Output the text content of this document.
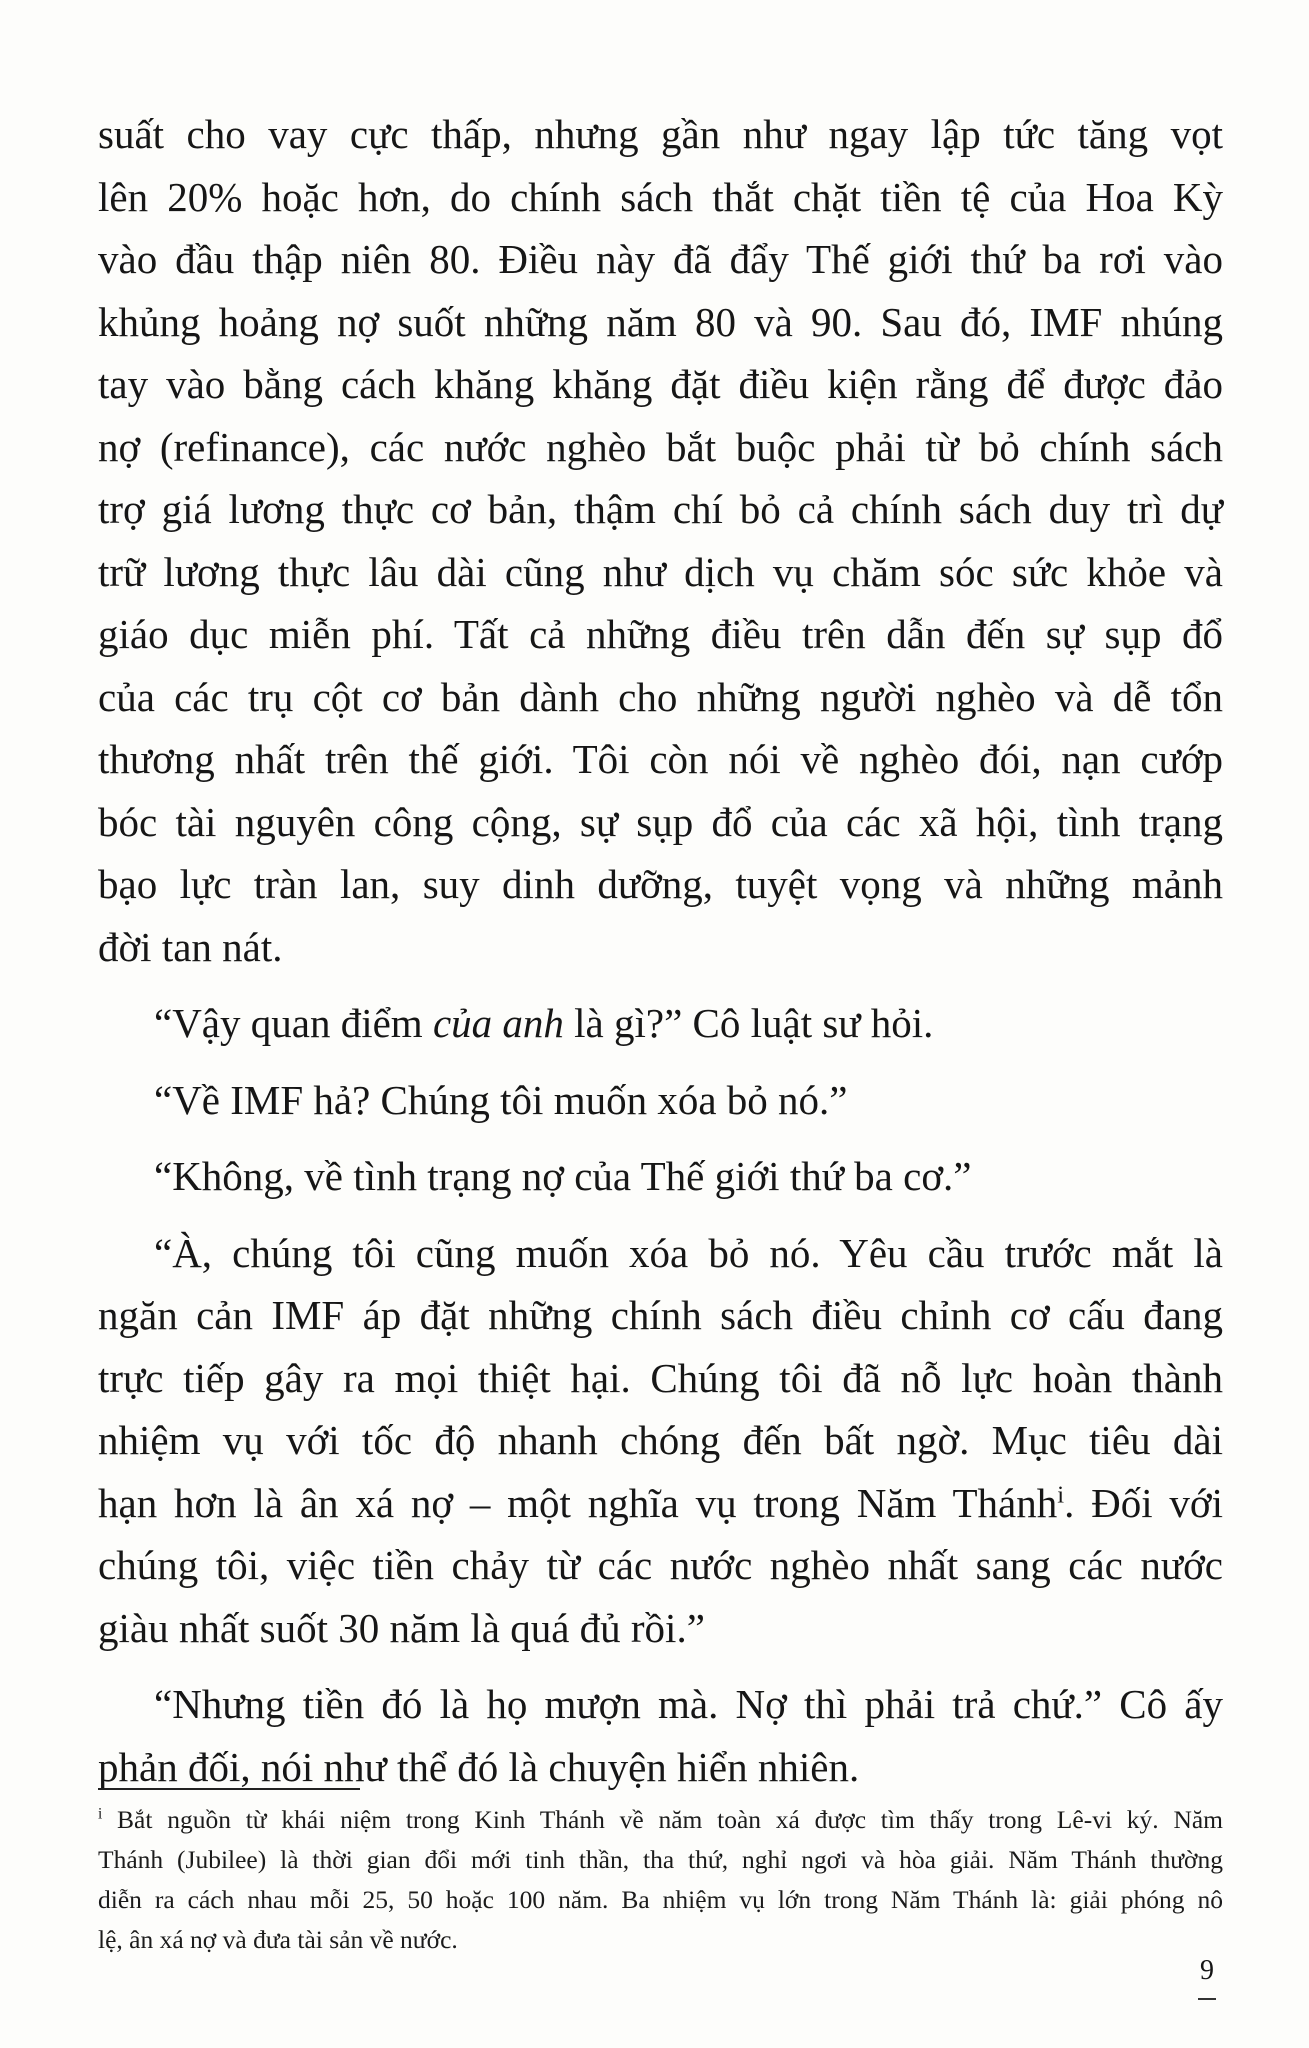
suất cho vay cực thấp, nhưng gần như ngay lập tức tăng vọt
lên 20% hoặc hơn, do chính sách thắt chặt tiền tệ của Hoa Kỳ
vào đầu thập niên 80. Điều này đã đẩy Thế giới thứ ba rơi vào
khủng hoảng nợ suốt những năm 80 và 90. Sau đó, IMF nhúng
tay vào bằng cách khăng khăng đặt điều kiện rằng để được đảo
nợ (refinance), các nước nghèo bắt buộc phải từ bỏ chính sách
trợ giá lương thực cơ bản, thậm chí bỏ cả chính sách duy trì dự
trữ lương thực lâu dài cũng như dịch vụ chăm sóc sức khỏe và
giáo dục miễn phí. Tất cả những điều trên dẫn đến sự sụp đổ
của các trụ cột cơ bản dành cho những người nghèo và dễ tổn
thương nhất trên thế giới. Tôi còn nói về nghèo đói, nạn cướp
bóc tài nguyên công cộng, sự sụp đổ của các xã hội, tình trạng
bạo lực tràn lan, suy dinh dưỡng, tuyệt vọng và những mảnh
đời tan nát.
“Vậy quan điểm của anh là gì?” Cô luật sư hỏi.
“Về IMF hả? Chúng tôi muốn xóa bỏ nó.”
“Không, về tình trạng nợ của Thế giới thứ ba cơ.”
“À, chúng tôi cũng muốn xóa bỏ nó. Yêu cầu trước mắt là
ngăn cản IMF áp đặt những chính sách điều chỉnh cơ cấu đang
trực tiếp gây ra mọi thiệt hại. Chúng tôi đã nỗ lực hoàn thành
nhiệm vụ với tốc độ nhanh chóng đến bất ngờ. Mục tiêu dài
hạn hơn là ân xá nợ – một nghĩa vụ trong Năm Thánh$^i$. Đối với
chúng tôi, việc tiền chảy từ các nước nghèo nhất sang các nước
giàu nhất suốt 30 năm là quá đủ rồi.”
“Nhưng tiền đó là họ mượn mà. Nợ thì phải trả chứ.” Cô ấy
phản đối, nói như thể đó là chuyện hiển nhiên.
$^i$ Bắt nguồn từ khái niệm trong Kinh Thánh về năm toàn xá được tìm thấy trong Lê-vi ký. Năm
Thánh (Jubilee) là thời gian đổi mới tinh thần, tha thứ, nghỉ ngơi và hòa giải. Năm Thánh thường
diễn ra cách nhau mỗi 25, 50 hoặc 100 năm. Ba nhiệm vụ lớn trong Năm Thánh là: giải phóng nô
lệ, ân xá nợ và đưa tài sản về nước.
9
